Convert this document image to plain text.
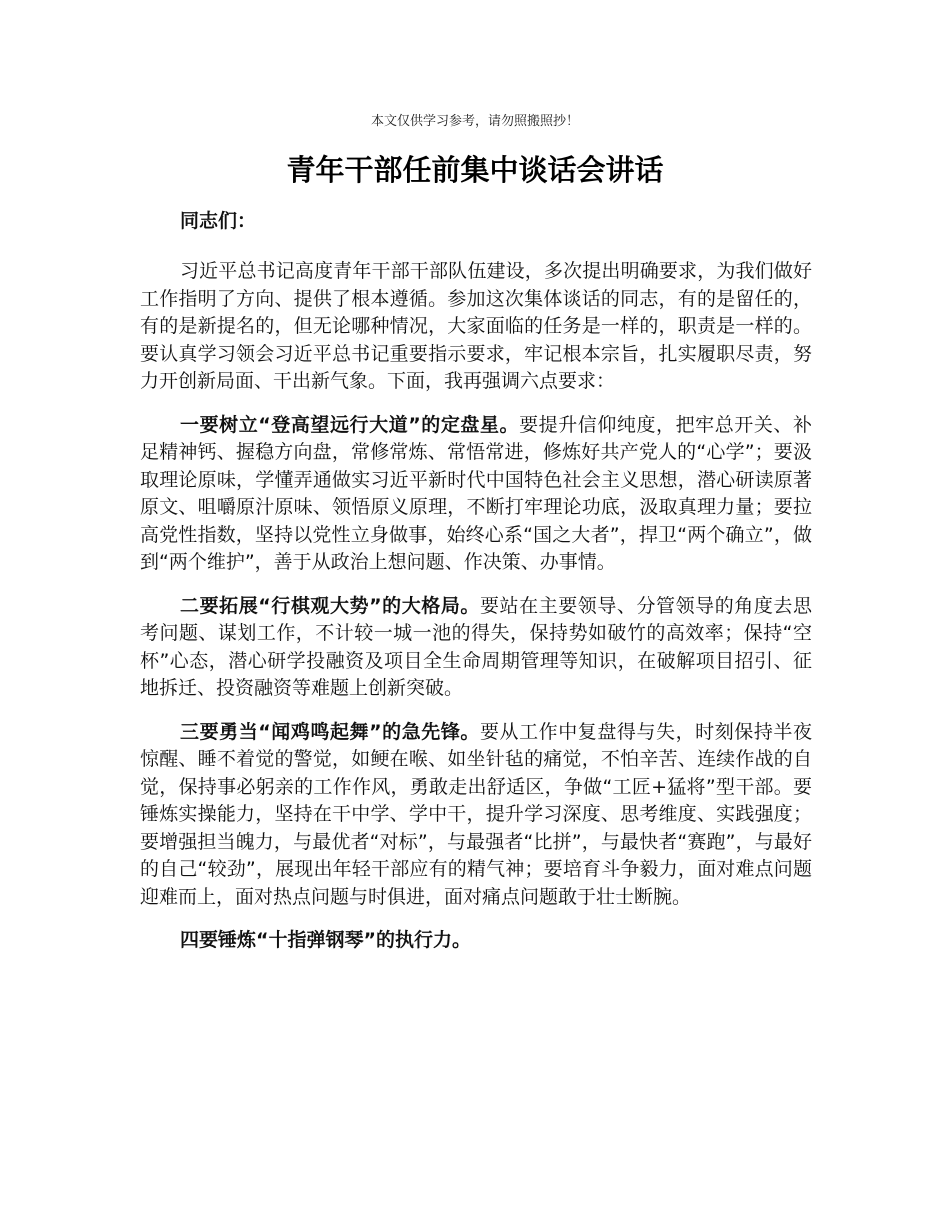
本文仅供学习参考，请勿照搬照抄！
青年干部任前集中谈话会讲话

同志们：

习近平总书记高度青年干部干部队伍建设，多次提出明确要求，为我们做好工作指明了方向、提供了根本遵循。参加这次集体谈话的同志，有的是留任的，有的是新提名的，但无论哪种情况，大家面临的任务是一样的，职责是一样的。要认真学习领会习近平总书记重要指示要求，牢记根本宗旨，扎实履职尽责，努力开创新局面、干出新气象。下面，我再强调六点要求：

一要树立“登高望远行大道”的定盘星。要提升信仰纯度，把牢总开关、补足精神钙、握稳方向盘，常修常炼、常悟常进，修炼好共产党人的“心学”；要汲取理论原味，学懂弄通做实习近平新时代中国特色社会主义思想，潜心研读原著原文、咀嚼原汁原味、领悟原义原理，不断打牢理论功底，汲取真理力量；要拉高党性指数，坚持以党性立身做事，始终心系“国之大者”，捍卫“两个确立”，做到“两个维护”，善于从政治上想问题、作决策、办事情。

二要拓展“行棋观大势”的大格局。要站在主要领导、分管领导的角度去思考问题、谋划工作，不计较一城一池的得失，保持势如破竹的高效率；保持“空杯”心态，潜心研学投融资及项目全生命周期管理等知识，在破解项目招引、征地拆迁、投资融资等难题上创新突破。

三要勇当“闻鸡鸣起舞”的急先锋。要从工作中复盘得与失，时刻保持半夜惊醒、睡不着觉的警觉，如鲠在喉、如坐针毡的痛觉，不怕辛苦、连续作战的自觉，保持事必躬亲的工作作风，勇敢走出舒适区，争做“工匠+猛将”型干部。要锤炼实操能力，坚持在干中学、学中干，提升学习深度、思考维度、实践强度；要增强担当魄力，与最优者“对标”，与最强者“比拼”，与最快者“赛跑”，与最好的自己“较劲”，展现出年轻干部应有的精气神；要培育斗争毅力，面对难点问题迎难而上，面对热点问题与时俱进，面对痛点问题敢于壮士断腕。

四要锤炼“十指弹钢琴”的执行力。
